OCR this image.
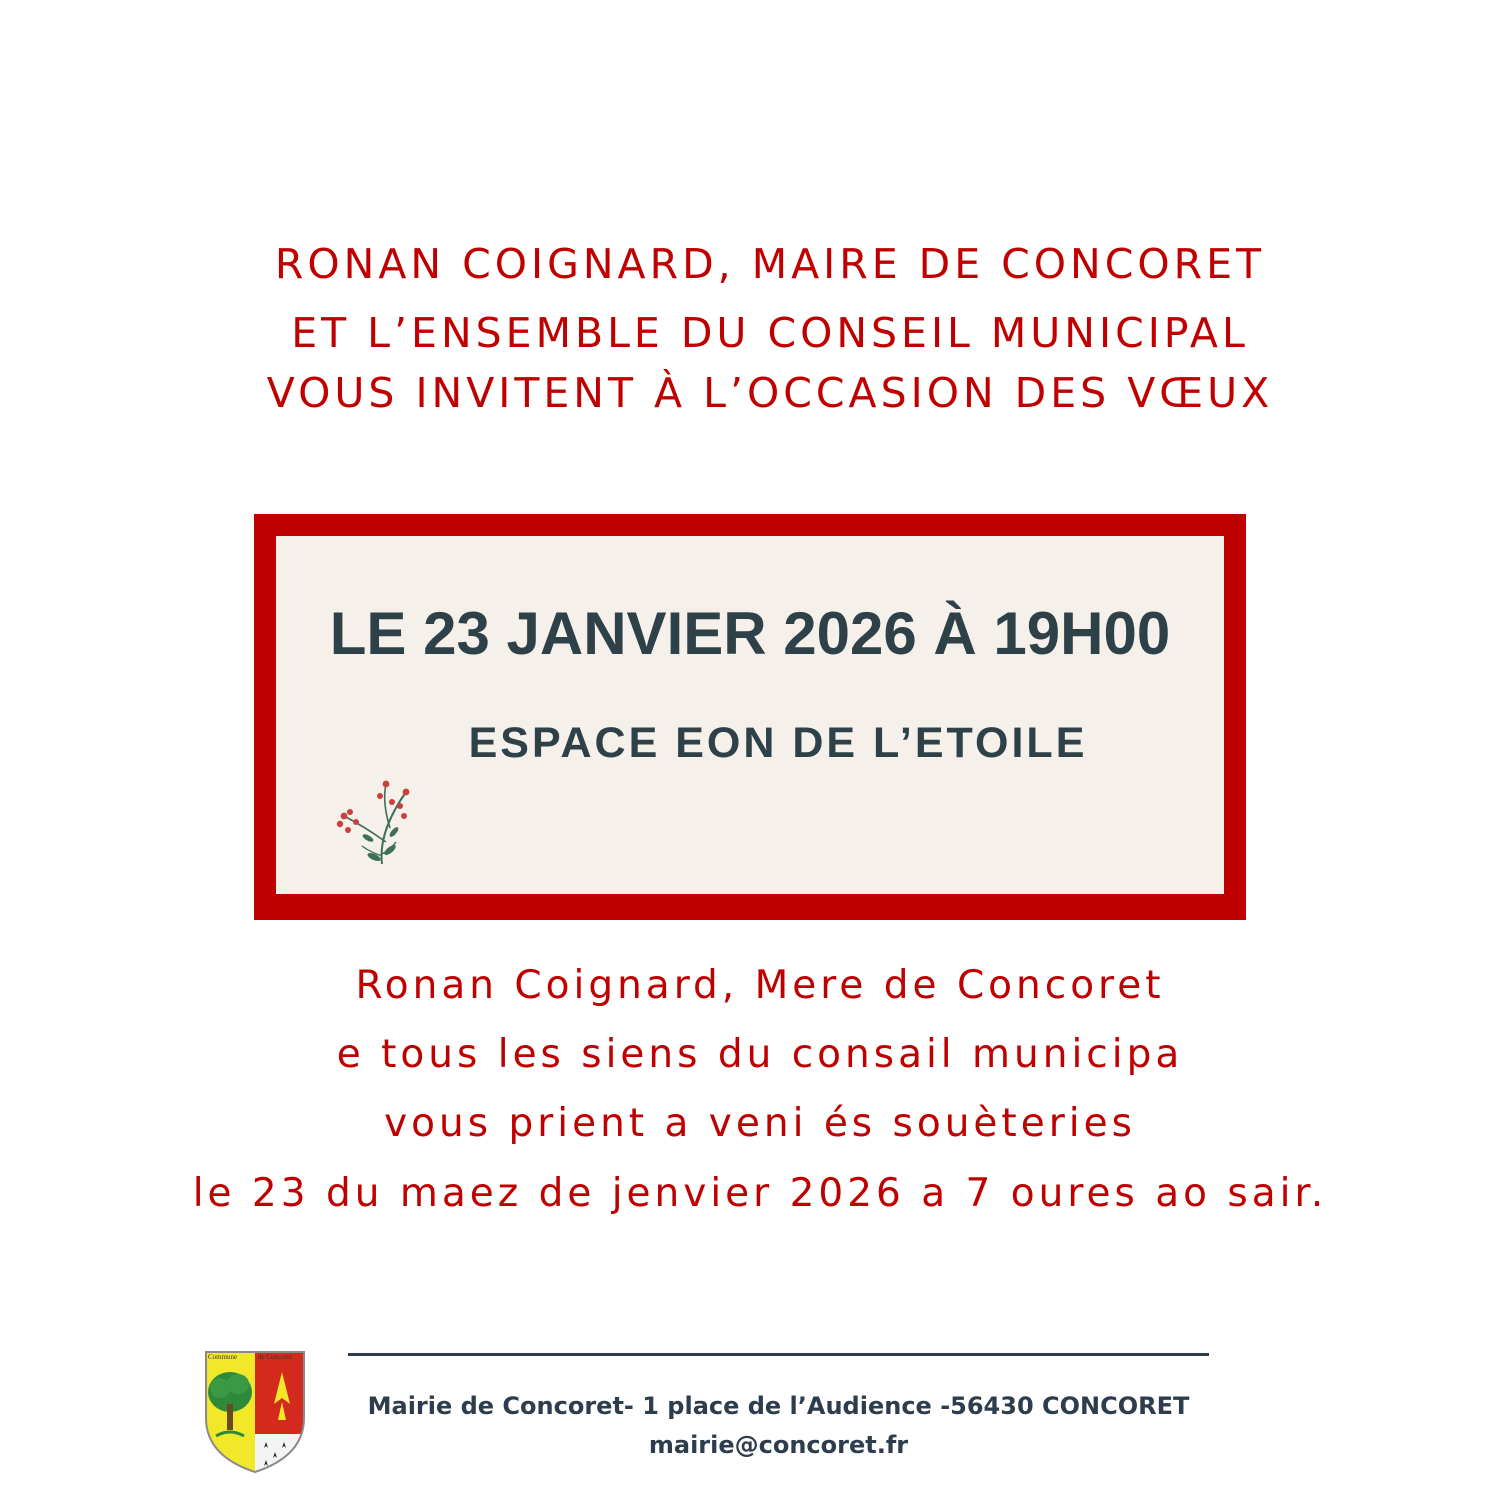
RONAN COIGNARD, MAIRE DE CONCORET
ET L’ENSEMBLE DU CONSEIL MUNICIPAL
VOUS INVITENT À L’OCCASION DES VŒUX
LE 23 JANVIER 2026 À 19H00
ESPACE EON DE L’ETOILE
Ronan Coignard, Mere de Concoret
e tous les siens du consail municipa
vous prient a veni és souèteries
le 23 du maez de jenvier 2026 a 7 oures ao sair.
Commune	de Concoret
Mairie de Concoret- 1 place de l’Audience -56430 CONCORET
mairie@concoret.fr
